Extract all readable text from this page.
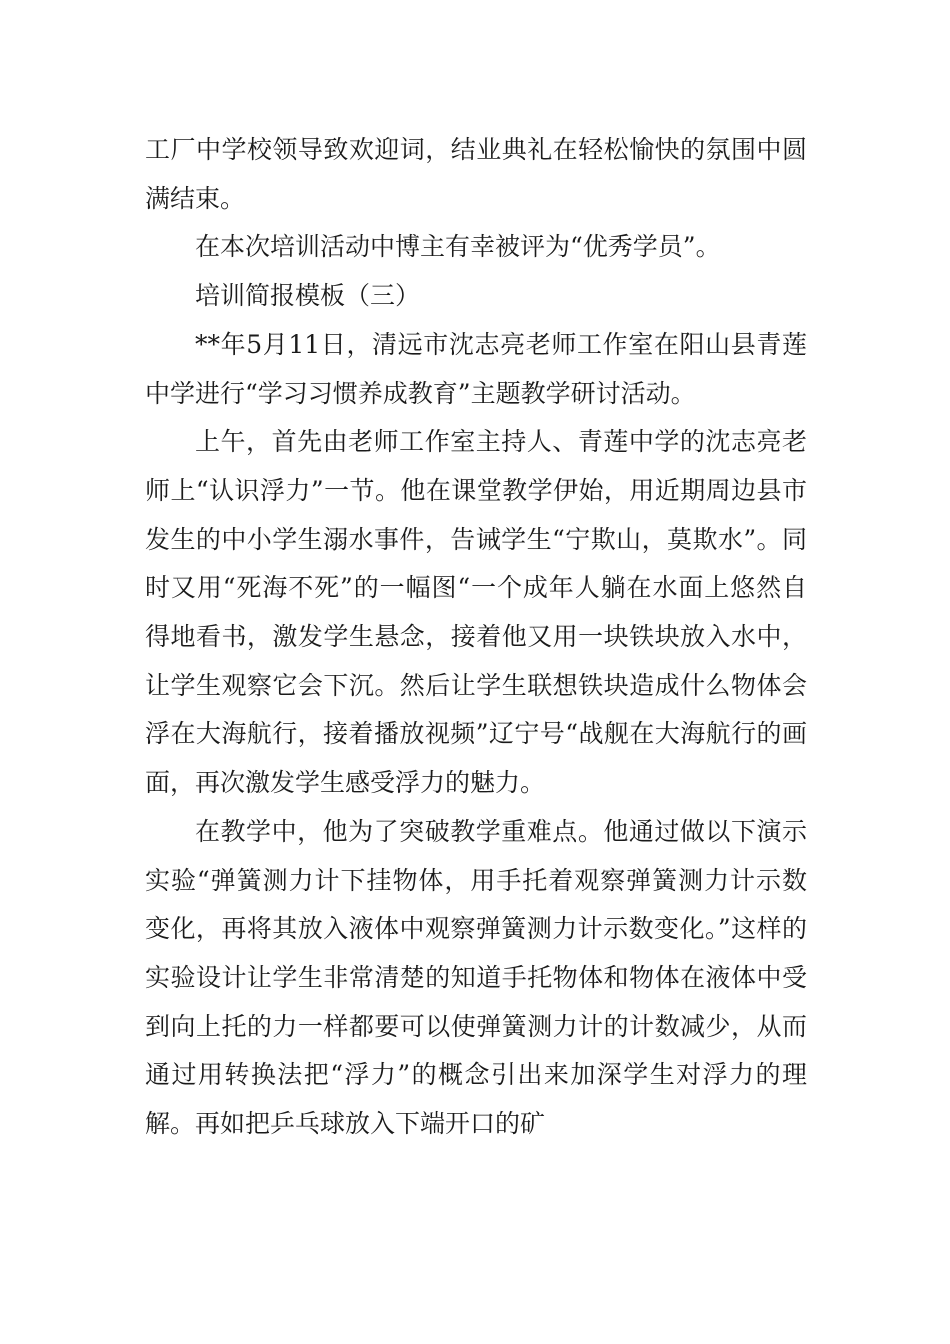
工厂中学校领导致欢迎词，结业典礼在轻松愉快的氛围中圆满结束。

在本次培训活动中博主有幸被评为“优秀学员”。

培训简报模板（三）

**年5月11日，清远市沈志亮老师工作室在阳山县青莲中学进行“学习习惯养成教育”主题教学研讨活动。

上午，首先由老师工作室主持人、青莲中学的沈志亮老师上“认识浮力”一节。他在课堂教学伊始，用近期周边县市发生的中小学生溺水事件，告诫学生“宁欺山，莫欺水”。同时又用“死海不死”的一幅图“一个成年人躺在水面上悠然自得地看书，激发学生悬念，接着他又用一块铁块放入水中，让学生观察它会下沉。然后让学生联想铁块造成什么物体会浮在大海航行，接着播放视频”辽宁号“战舰在大海航行的画面，再次激发学生感受浮力的魅力。

在教学中，他为了突破教学重难点。他通过做以下演示实验“弹簧测力计下挂物体，用手托着观察弹簧测力计示数变化，再将其放入液体中观察弹簧测力计示数变化。”这样的实验设计让学生非常清楚的知道手托物体和物体在液体中受到向上托的力一样都要可以使弹簧测力计的计数减少，从而通过用转换法把“浮力”的概念引出来加深学生对浮力的理解。再如把乒乓球放入下端开口的矿
